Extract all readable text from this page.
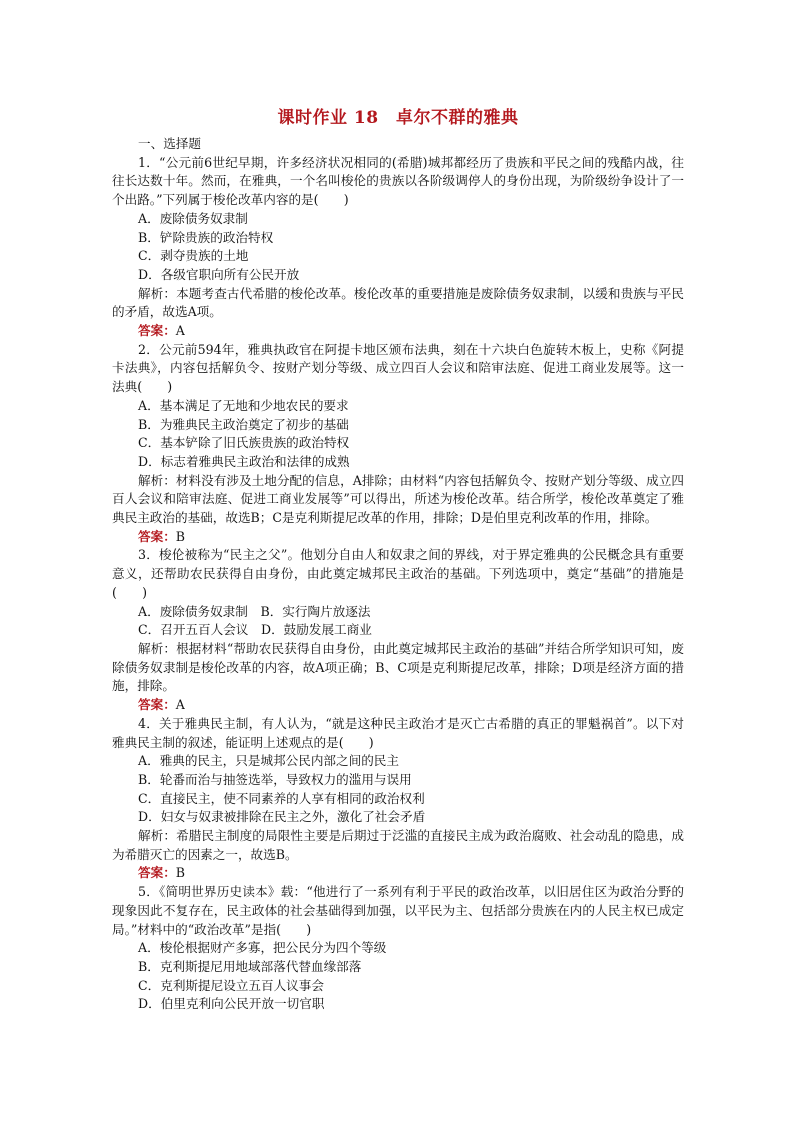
课时作业 18　卓尔不群的雅典
一、选择题

1．“公元前6世纪早期，许多经济状况相同的(希腊)城邦都经历了贵族和平民之间的残酷内战，往往长达数十年。然而，在雅典，一个名叫梭伦的贵族以各阶级调停人的身份出现，为阶级纷争设计了一个出路。”下列属于梭伦改革内容的是(　　)

A．废除债务奴隶制

B．铲除贵族的政治特权

C．剥夺贵族的土地

D．各级官职向所有公民开放

解析：本题考查古代希腊的梭伦改革。梭伦改革的重要措施是废除债务奴隶制，以缓和贵族与平民的矛盾，故选A项。

答案：A

2．公元前594年，雅典执政官在阿提卡地区颁布法典，刻在十六块白色旋转木板上，史称《阿提卡法典》，内容包括解负令、按财产划分等级、成立四百人会议和陪审法庭、促进工商业发展等。这一法典(　　)

A．基本满足了无地和少地农民的要求

B．为雅典民主政治奠定了初步的基础

C．基本铲除了旧氏族贵族的政治特权

D．标志着雅典民主政治和法律的成熟

解析：材料没有涉及土地分配的信息，A排除；由材料“内容包括解负令、按财产划分等级、成立四百人会议和陪审法庭、促进工商业发展等”可以得出，所述为梭伦改革。结合所学，梭伦改革奠定了雅典民主政治的基础，故选B；C是克利斯提尼改革的作用，排除；D是伯里克利改革的作用，排除。

答案：B

3．梭伦被称为“民主之父”。他划分自由人和奴隶之间的界线，对于界定雅典的公民概念具有重要意义，还帮助农民获得自由身份，由此奠定城邦民主政治的基础。下列选项中，奠定“基础”的措施是(　　)

A．废除债务奴隶制　B．实行陶片放逐法

C．召开五百人会议　D．鼓励发展工商业

解析：根据材料“帮助农民获得自由身份，由此奠定城邦民主政治的基础”并结合所学知识可知，废除债务奴隶制是梭伦改革的内容，故A项正确；B、C项是克利斯提尼改革，排除；D项是经济方面的措施，排除。

答案：A

4．关于雅典民主制，有人认为，“就是这种民主政治才是灭亡古希腊的真正的罪魁祸首”。以下对雅典民主制的叙述，能证明上述观点的是(　　)

A．雅典的民主，只是城邦公民内部之间的民主

B．轮番而治与抽签选举，导致权力的滥用与误用

C．直接民主，使不同素养的人享有相同的政治权利

D．妇女与奴隶被排除在民主之外，激化了社会矛盾

解析：希腊民主制度的局限性主要是后期过于泛滥的直接民主成为政治腐败、社会动乱的隐患，成为希腊灭亡的因素之一，故选B。

答案：B

5．《简明世界历史读本》载：“他进行了一系列有利于平民的政治改革，以旧居住区为政治分野的现象因此不复存在，民主政体的社会基础得到加强，以平民为主、包括部分贵族在内的人民主权已成定局。”材料中的“政治改革”是指(　　)

A．梭伦根据财产多寡，把公民分为四个等级

B．克利斯提尼用地域部落代替血缘部落

C．克利斯提尼设立五百人议事会

D．伯里克利向公民开放一切官职
